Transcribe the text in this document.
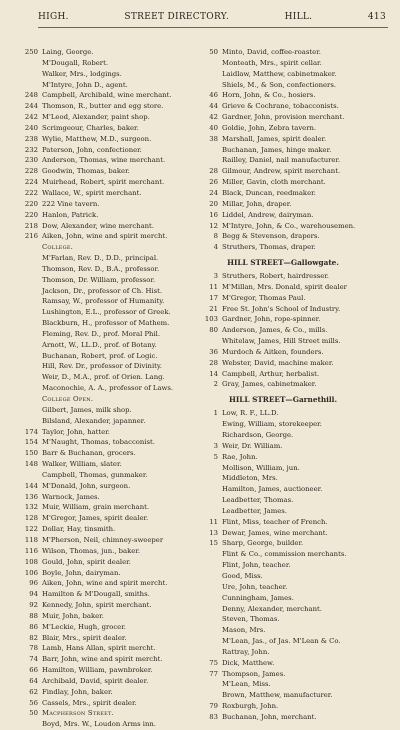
HIGH.	STREET DIRECTORY.	HILL.	413
250 Laing, George.
M'Dougall, Robert.
Walker, Mrs., lodgings.
M'Intyre, John D., agent.
248 Campbell, Archibald, wine merchant.
244 Thomson, R., butter and egg store.
242 M'Leod, Alexander, paint shop.
240 Scrimgeour, Charles, baker.
238 Wylie, Matthew, M.D., surgeon.
232 Paterson, John, confectioner.
230 Anderson, Thomas, wine merchant.
228 Goodwin, Thomas, baker.
224 Muirhead, Robert, spirit merchant.
222 Wallace, W., spirit merchant.
220 222 Vine tavern.
220 Hanlon, Patrick.
218 Dow, Alexander, wine merchant.
216 Aiken, John, wine and spirit mercht.
College.
M'Farlan, Rev. D., D.D., principal.
Thomson, Rev. D., B.A., professor.
Thomson, Dr. William, professor.
Jackson, Dr., professor of Ch. Hist.
Ramsay, W., professor of Humanity.
Lushington, E.L., professor of Greek.
Blackburn, H., professor of Mathem.
Fleming, Rev. D., prof. Moral Phil.
Arnott, W., LL.D., prof. of Botany.
Buchanan, Robert, prof. of Logic.
Hill, Rev. Dr., professor of Divinity.
Weir, D., M.A., prof. of Orien. Lang.
Maconochie, A. A., professor of Laws.
College Open.
Gilbert, James, milk shop.
Bilsland, Alexander, japanner.
174 Taylor, John, hatter.
154 M'Naught, Thomas, tobacconist.
150 Barr & Buchanan, grocers.
148 Walker, William, slater.
Campbell, Thomas, gunmaker.
144 M'Donald, John, surgeon.
136 Warnock, James.
132 Muir, William, grain merchant.
128 M'Gregor, James, spirit dealer.
122 Dollar, Hay, tinsmith.
118 M'Pherson, Neil, chimney-sweeper
116 Wilson, Thomas, jun., baker.
108 Gould, John, spirit dealer.
106 Boyle, John, dairyman.
96 Aiken, John, wine and spirit mercht.
94 Hamilton & M'Dougall, smiths.
92 Kennedy, John, spirit merchant.
88 Muir, John, baker.
86 M'Leckie, Hugh, grocer.
82 Blair, Mrs., spirit dealer.
78 Lamb, Hans Allan, spirit mercht.
74 Barr, John, wine and spirit mercht.
66 Hamilton, William, pawnbroker.
64 Archibald, David, spirit dealer.
62 Findlay, John, baker.
56 Cassels, Mrs., spirit dealer.
50 Macpherson Street.
Boyd, Mrs. W., Loudon Arms inn.
50 Minto, David, coffee-roaster.
Monteath, Mrs., spirit cellar.
Laidlaw, Matthew, cabinetmaker.
Shiels, M., & Son, confectioners.
46 Horn, John, & Co., hosiers.
44 Grieve & Cochrane, tobacconists.
42 Gardner, John, provision merchant.
40 Goldie, John, Zebra tavern.
38 Marshall, James, spirit dealer.
Buchanan, James, hinge maker.
Railley, Daniel, nail manufacturer.
28 Gilmour, Andrew, spirit merchant.
26 Miller, Gavin, cloth merchant.
24 Black, Duncan, reedmaker.
20 Millar, John, draper.
16 Liddel, Andrew, dairyman.
12 M'Intyre, John, & Co., warehousemen.
8 Begg & Stevenson, drapers.
4 Struthers, Thomas, draper.
HILL STREET—Gallowgate.
3 Struthers, Robert, hairdresser.
11 M'Millan, Mrs. Donald, spirit dealer
17 M'Gregor, Thomas Paul.
21 Free St. John's School of Industry.
103 Gardner, John, rope-spinner.
80 Anderson, James, & Co., mills.
Whitelaw, James, Hill Street mills.
36 Murdoch & Aitken, founders.
28 Webster, David, machine maker.
14 Campbell, Arthur, herbalist.
2 Gray, James, cabinetmaker.
HILL STREET—Garnethill.
1 Low, R. F., LL.D.
Ewing, William, storekeeper.
Richardson, George.
3 Weir, Dr. William.
5 Rae, John.
Mollison, William, jun.
Middleton, Mrs.
Hamilton, James, auctioneer.
Leadbetter, Thomas.
Leadbetter, James.
11 Flint, Miss, teacher of French.
13 Dewar, James, wine merchant.
15 Sharp, George, builder.
Flint & Co., commission merchants.
Flint, John, teacher.
Good, Miss.
Ure, John, teacher.
Cunningham, James.
Denny, Alexander, merchant.
Steven, Thomas.
Mason, Mrs.
M'Lean, Jas., of Jas. M'Lean & Co.
Rattray, John.
75 Dick, Matthew.
77 Thompson, James.
M'Lean, Miss.
Brown, Matthew, manufacturer.
79 Roxburgh, John.
83 Buchanan, John, merchant.
